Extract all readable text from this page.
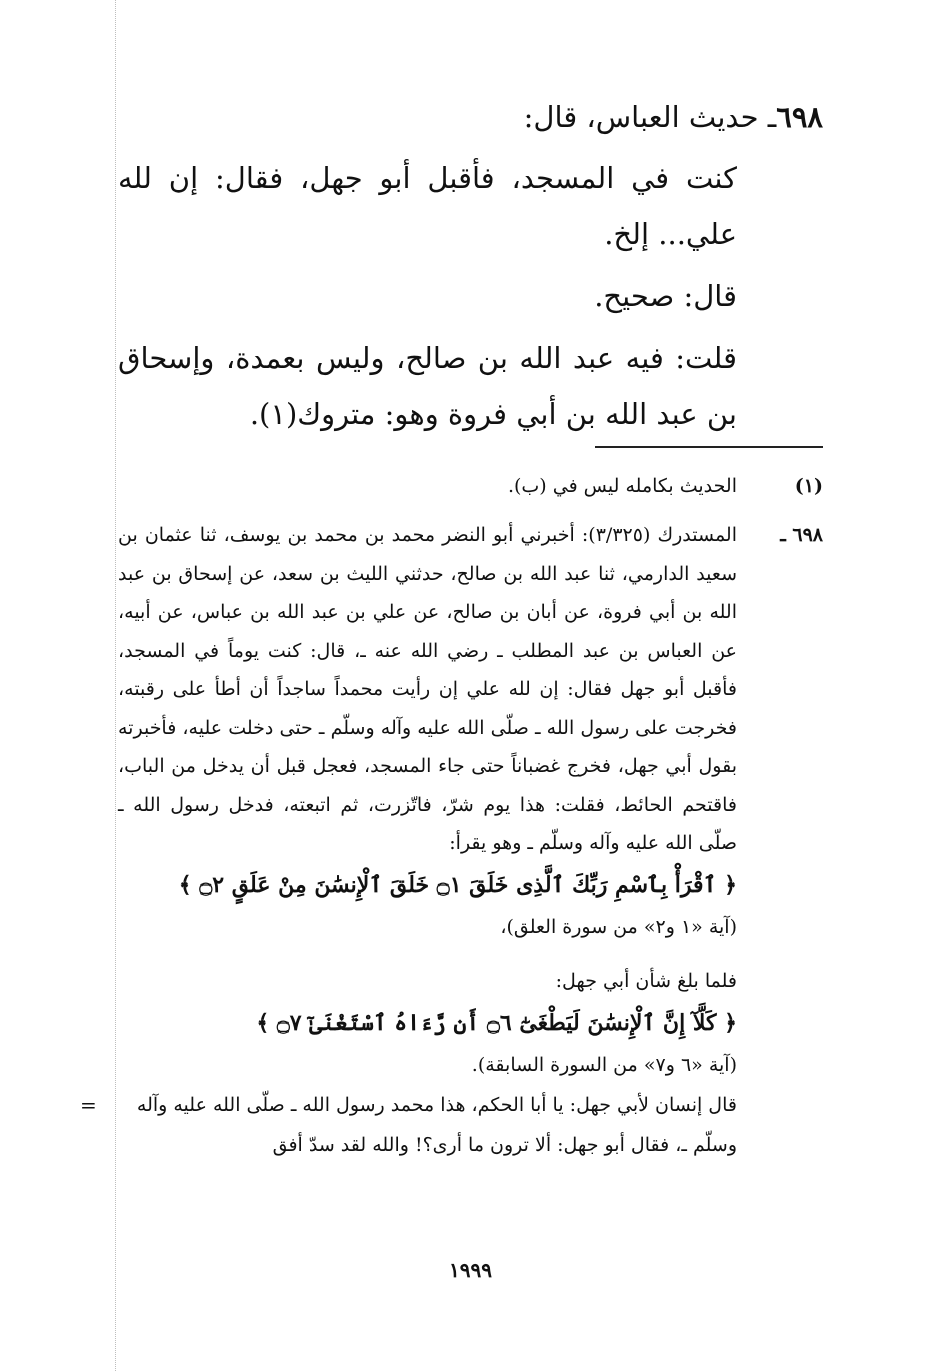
٦٩٨ـ حديث العباس، قال:

كنت في المسجد، فأقبل أبو جهل، فقال: إن لله علي... إلخ.

قال: صحيح.

قلت: فيه عبد الله بن صالح، وليس بعمدة، وإسحاق بن عبد الله بن أبي فروة وهو: متروك(١).

(١)الحديث بكامله ليس في (ب).
٦٩٨ ـ
المستدرك (٣/٣٢٥): أخبرني أبو النضر محمد بن محمد بن يوسف، ثنا عثمان بن سعيد الدارمي، ثنا عبد الله بن صالح، حدثني الليث بن سعد، عن إسحاق بن عبد الله بن أبي فروة، عن أبان بن صالح، عن علي بن عبد الله بن عباس، عن أبيه، عن العباس بن عبد المطلب ـ رضي الله عنه ـ، قال: كنت يوماً في المسجد، فأقبل أبو جهل فقال: إن لله علي إن رأيت محمداً ساجداً أن أطأ على رقبته، فخرجت على رسول الله ـ صلّى الله عليه وآله وسلّم ـ حتى دخلت عليه، فأخبرته بقول أبي جهل، فخرج غضباناً حتى جاء المسجد، فعجل قبل أن يدخل من الباب، فاقتحم الحائط، فقلت: هذا يوم شرّ، فاتّزرت، ثم اتبعته، فدخل رسول الله ـ صلّى الله عليه وآله وسلّم ـ وهو يقرأ:
﴿ ٱقْرَأْ بِٱسْمِ رَبِّكَ ٱلَّذِى خَلَقَ ۝١ خَلَقَ ٱلْإِنسَٰنَ مِنْ عَلَقٍ ۝٢ ﴾
(آية «١ و٢» من سورة العلق)،
فلما بلغ شأن أبي جهل:
﴿ كَلَّآ إِنَّ ٱلْإِنسَٰنَ لَيَطْغَىٰٓ ۝٦ أَن رَّءَاهُ ٱسْتَغْنَىٰٓ ۝٧ ﴾
(آية «٦ و٧» من السورة السابقة).
قال إنسان لأبي جهل: يا أبا الحكم، هذا محمد رسول الله ـ صلّى الله عليه وآله وسلّم ـ، فقال أبو جهل: ألا ترون ما أرى؟! والله لقد سدّ أفق
=
١٩٩٩
